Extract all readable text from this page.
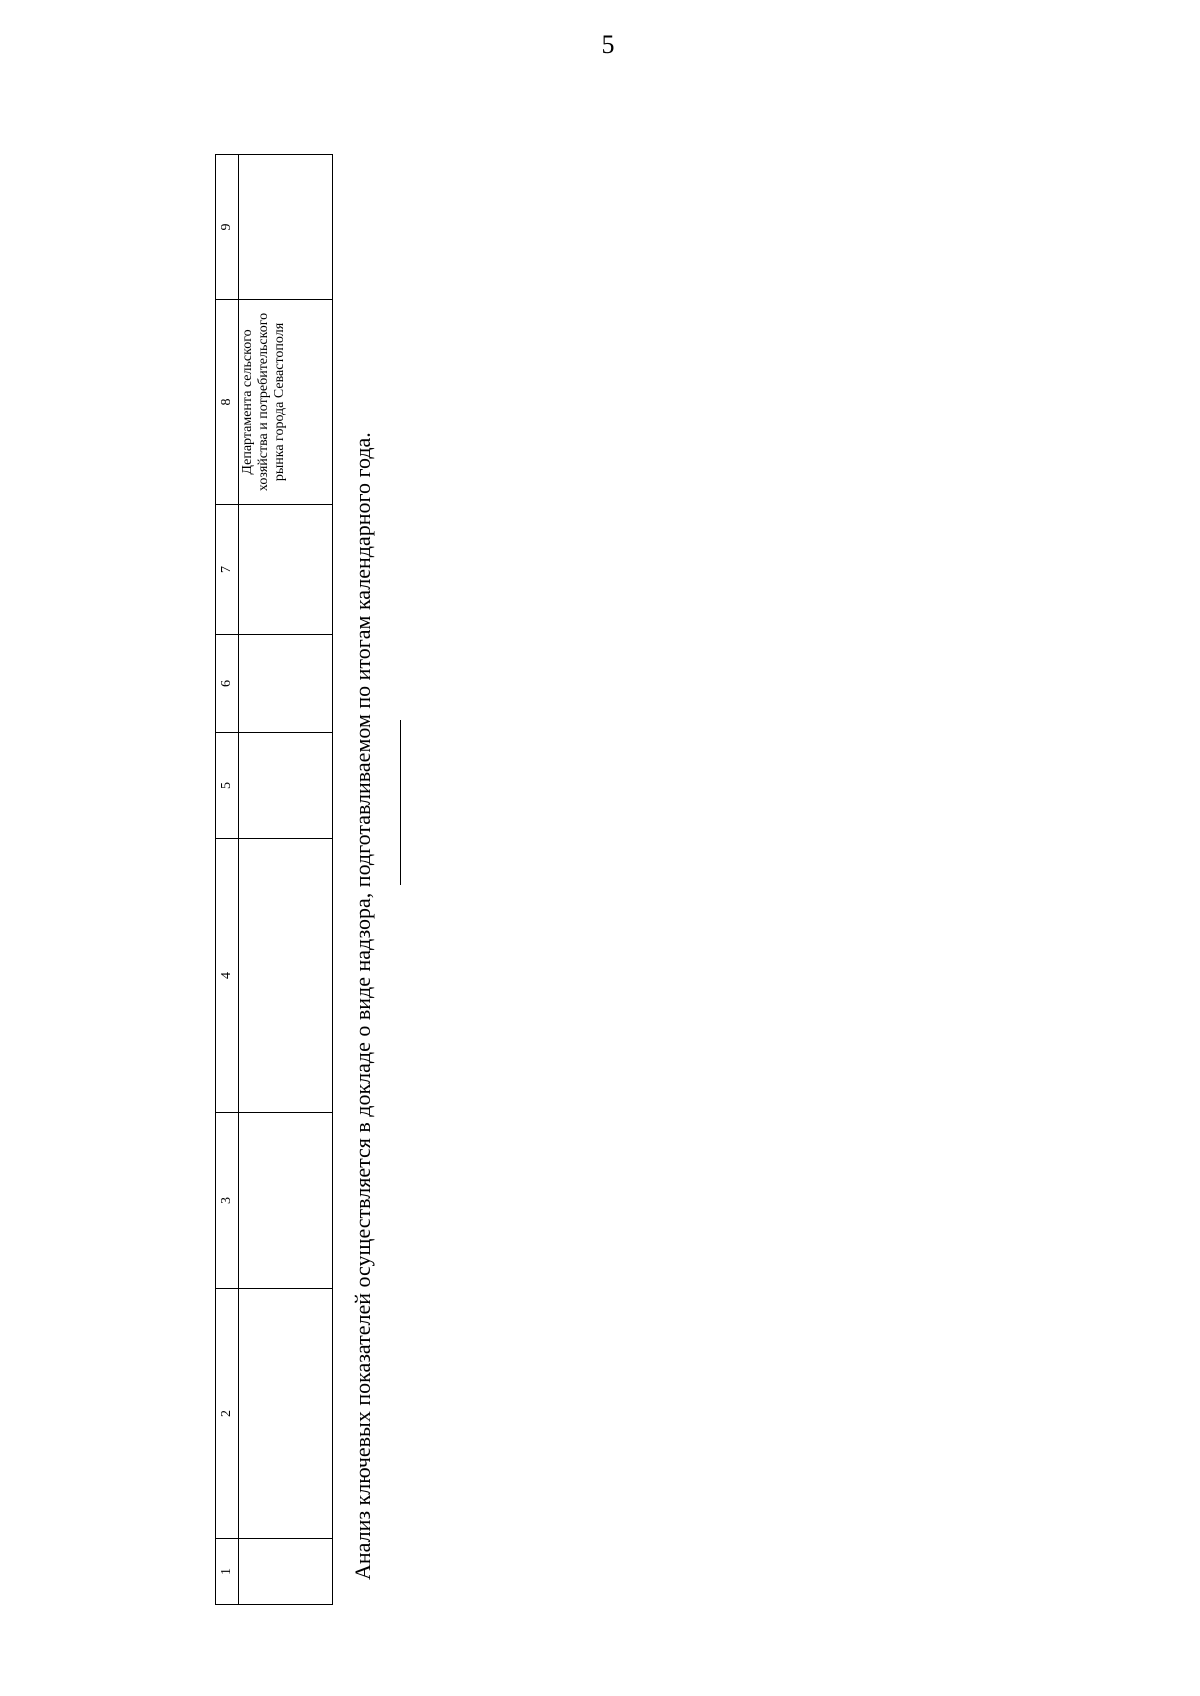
5
1	2	3	4	5	6	7	8	9
							Департамента сельского хозяйства и потребительского рынка города Севастополя	
Анализ ключевых показателей осуществляется в докладе о виде надзора, подготавливаемом по итогам календарного года.
